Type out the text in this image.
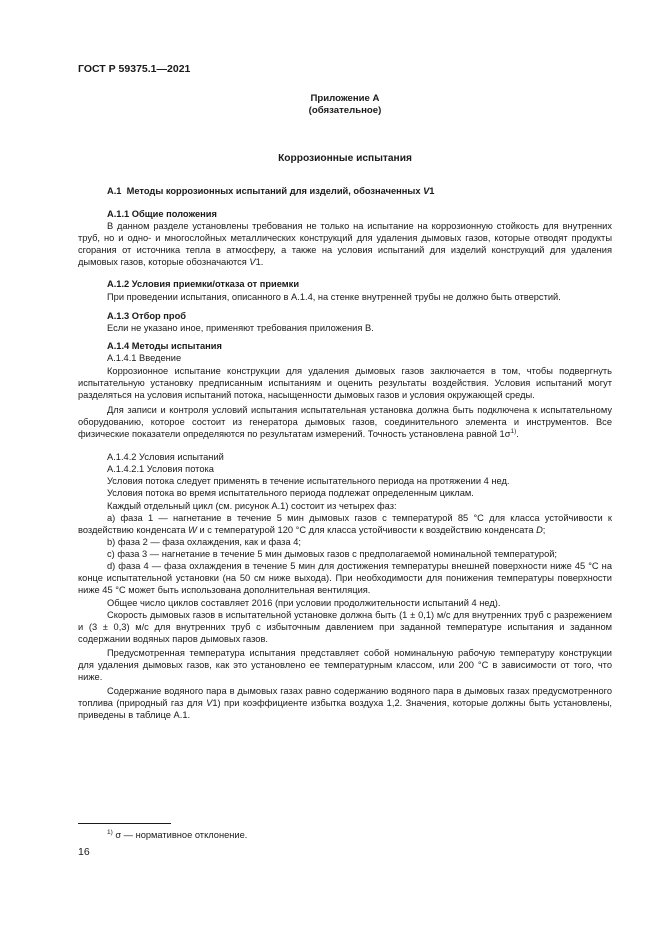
ГОСТ Р 59375.1—2021
Приложение А
(обязательное)
Коррозионные испытания
А.1 Методы коррозионных испытаний для изделий, обозначенных V1
А.1.1 Общие положения
В данном разделе установлены требования не только на испытание на коррозионную стойкость для внутренних труб, но и одно- и многослойных металлических конструкций для удаления дымовых газов, которые отводят продукты сгорания от источника тепла в атмосферу, а также на условия испытаний для изделий конструкций для удаления дымовых газов, которые обозначаются V1.
А.1.2 Условия приемки/отказа от приемки
При проведении испытания, описанного в А.1.4, на стенке внутренней трубы не должно быть отверстий.
А.1.3 Отбор проб
Если не указано иное, применяют требования приложения В.
А.1.4 Методы испытания
А.1.4.1 Введение
Коррозионное испытание конструкции для удаления дымовых газов заключается в том, чтобы подвергнуть испытательную установку предписанным испытаниям и оценить результаты воздействия. Условия испытаний могут разделяться на условия испытаний потока, насыщенности дымовых газов и условия окружающей среды.
Для записи и контроля условий испытания испытательная установка должна быть подключена к испытательному оборудованию, которое состоит из генератора дымовых газов, соединительного элемента и инструментов. Все физические показатели определяются по результатам измерений. Точность установлена равной $1\sigma^{1)}$.
А.1.4.2 Условия испытаний
А.1.4.2.1 Условия потока
Условия потока следует применять в течение испытательного периода на протяжении 4 нед.
Условия потока во время испытательного периода подлежат определенным циклам.
Каждый отдельный цикл (см. рисунок А.1) состоит из четырех фаз:
а) фаза 1 — нагнетание в течение 5 мин дымовых газов с температурой 85 °С для класса устойчивости к воздействию конденсата W и с температурой 120 °С для класса устойчивости к воздействию конденсата D;
b) фаза 2 — фаза охлаждения, как и фаза 4;
с) фаза 3 — нагнетание в течение 5 мин дымовых газов с предполагаемой номинальной температурой;
d) фаза 4 — фаза охлаждения в течение 5 мин для достижения температуры внешней поверхности ниже 45 °С на конце испытательной установки (на 50 см ниже выхода). При необходимости для понижения температуры поверхности ниже 45 °С может быть использована дополнительная вентиляция.
Общее число циклов составляет 2016 (при условии продолжительности испытаний 4 нед).
Скорость дымовых газов в испытательной установке должна быть (1 ± 0,1) м/с для внутренних труб с разрежением и (3 ± 0,3) м/с для внутренних труб с избыточным давлением при заданной температуре испытания и заданном содержании водяных паров дымовых газов.
Предусмотренная температура испытания представляет собой номинальную рабочую температуру конструкции для удаления дымовых газов, как это установлено ее температурным классом, или 200 °С в зависимости от того, что ниже.
Содержание водяного пара в дымовых газах равно содержанию водяного пара в дымовых газах предусмотренного топлива (природный газ для V1) при коэффициенте избытка воздуха 1,2. Значения, которые должны быть установлены, приведены в таблице А.1.
$^{1)}$ σ — нормативное отклонение.
16
